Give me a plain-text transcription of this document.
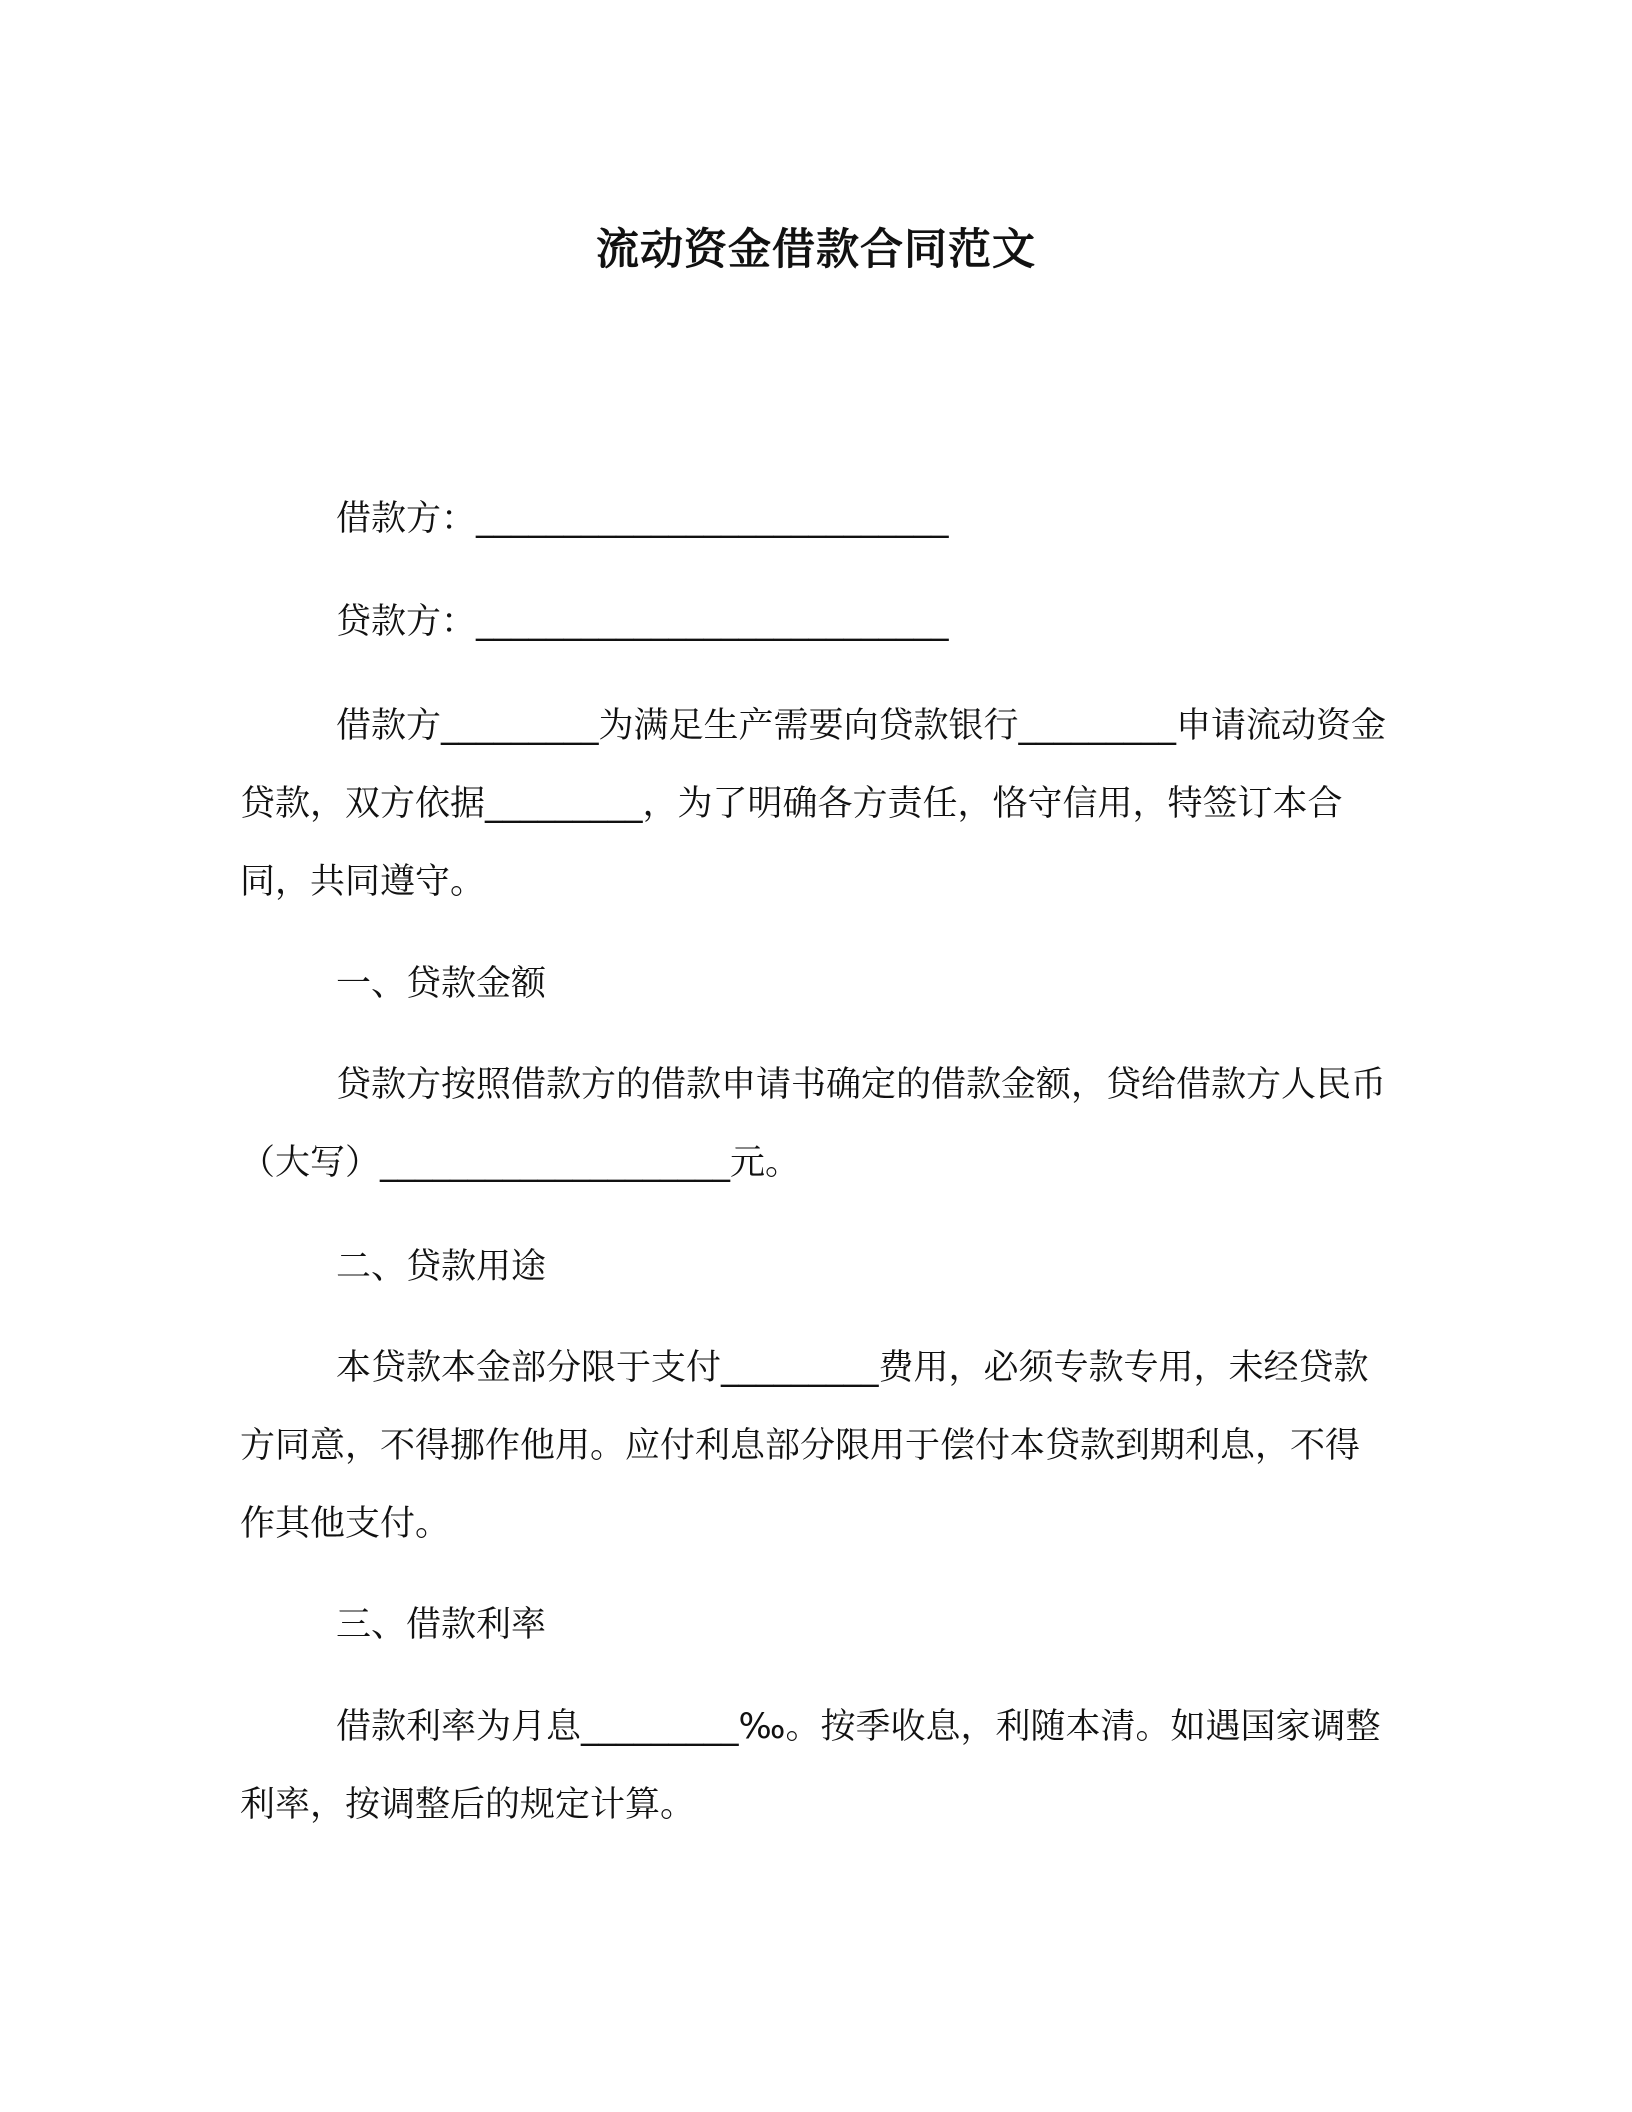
流动资金借款合同范文

借款方：___________________________

贷款方：___________________________

借款方_________为满足生产需要向贷款银行_________申请流动资金贷款，双方依据_________，为了明确各方责任，恪守信用，特签订本合同，共同遵守。

一、贷款金额

贷款方按照借款方的借款申请书确定的借款金额，贷给借款方人民币（大写）____________________元。

二、贷款用途

本贷款本金部分限于支付_________费用，必须专款专用，未经贷款方同意，不得挪作他用。应付利息部分限用于偿付本贷款到期利息，不得作其他支付。

三、借款利率

借款利率为月息_________‰。按季收息，利随本清。如遇国家调整利率，按调整后的规定计算。
